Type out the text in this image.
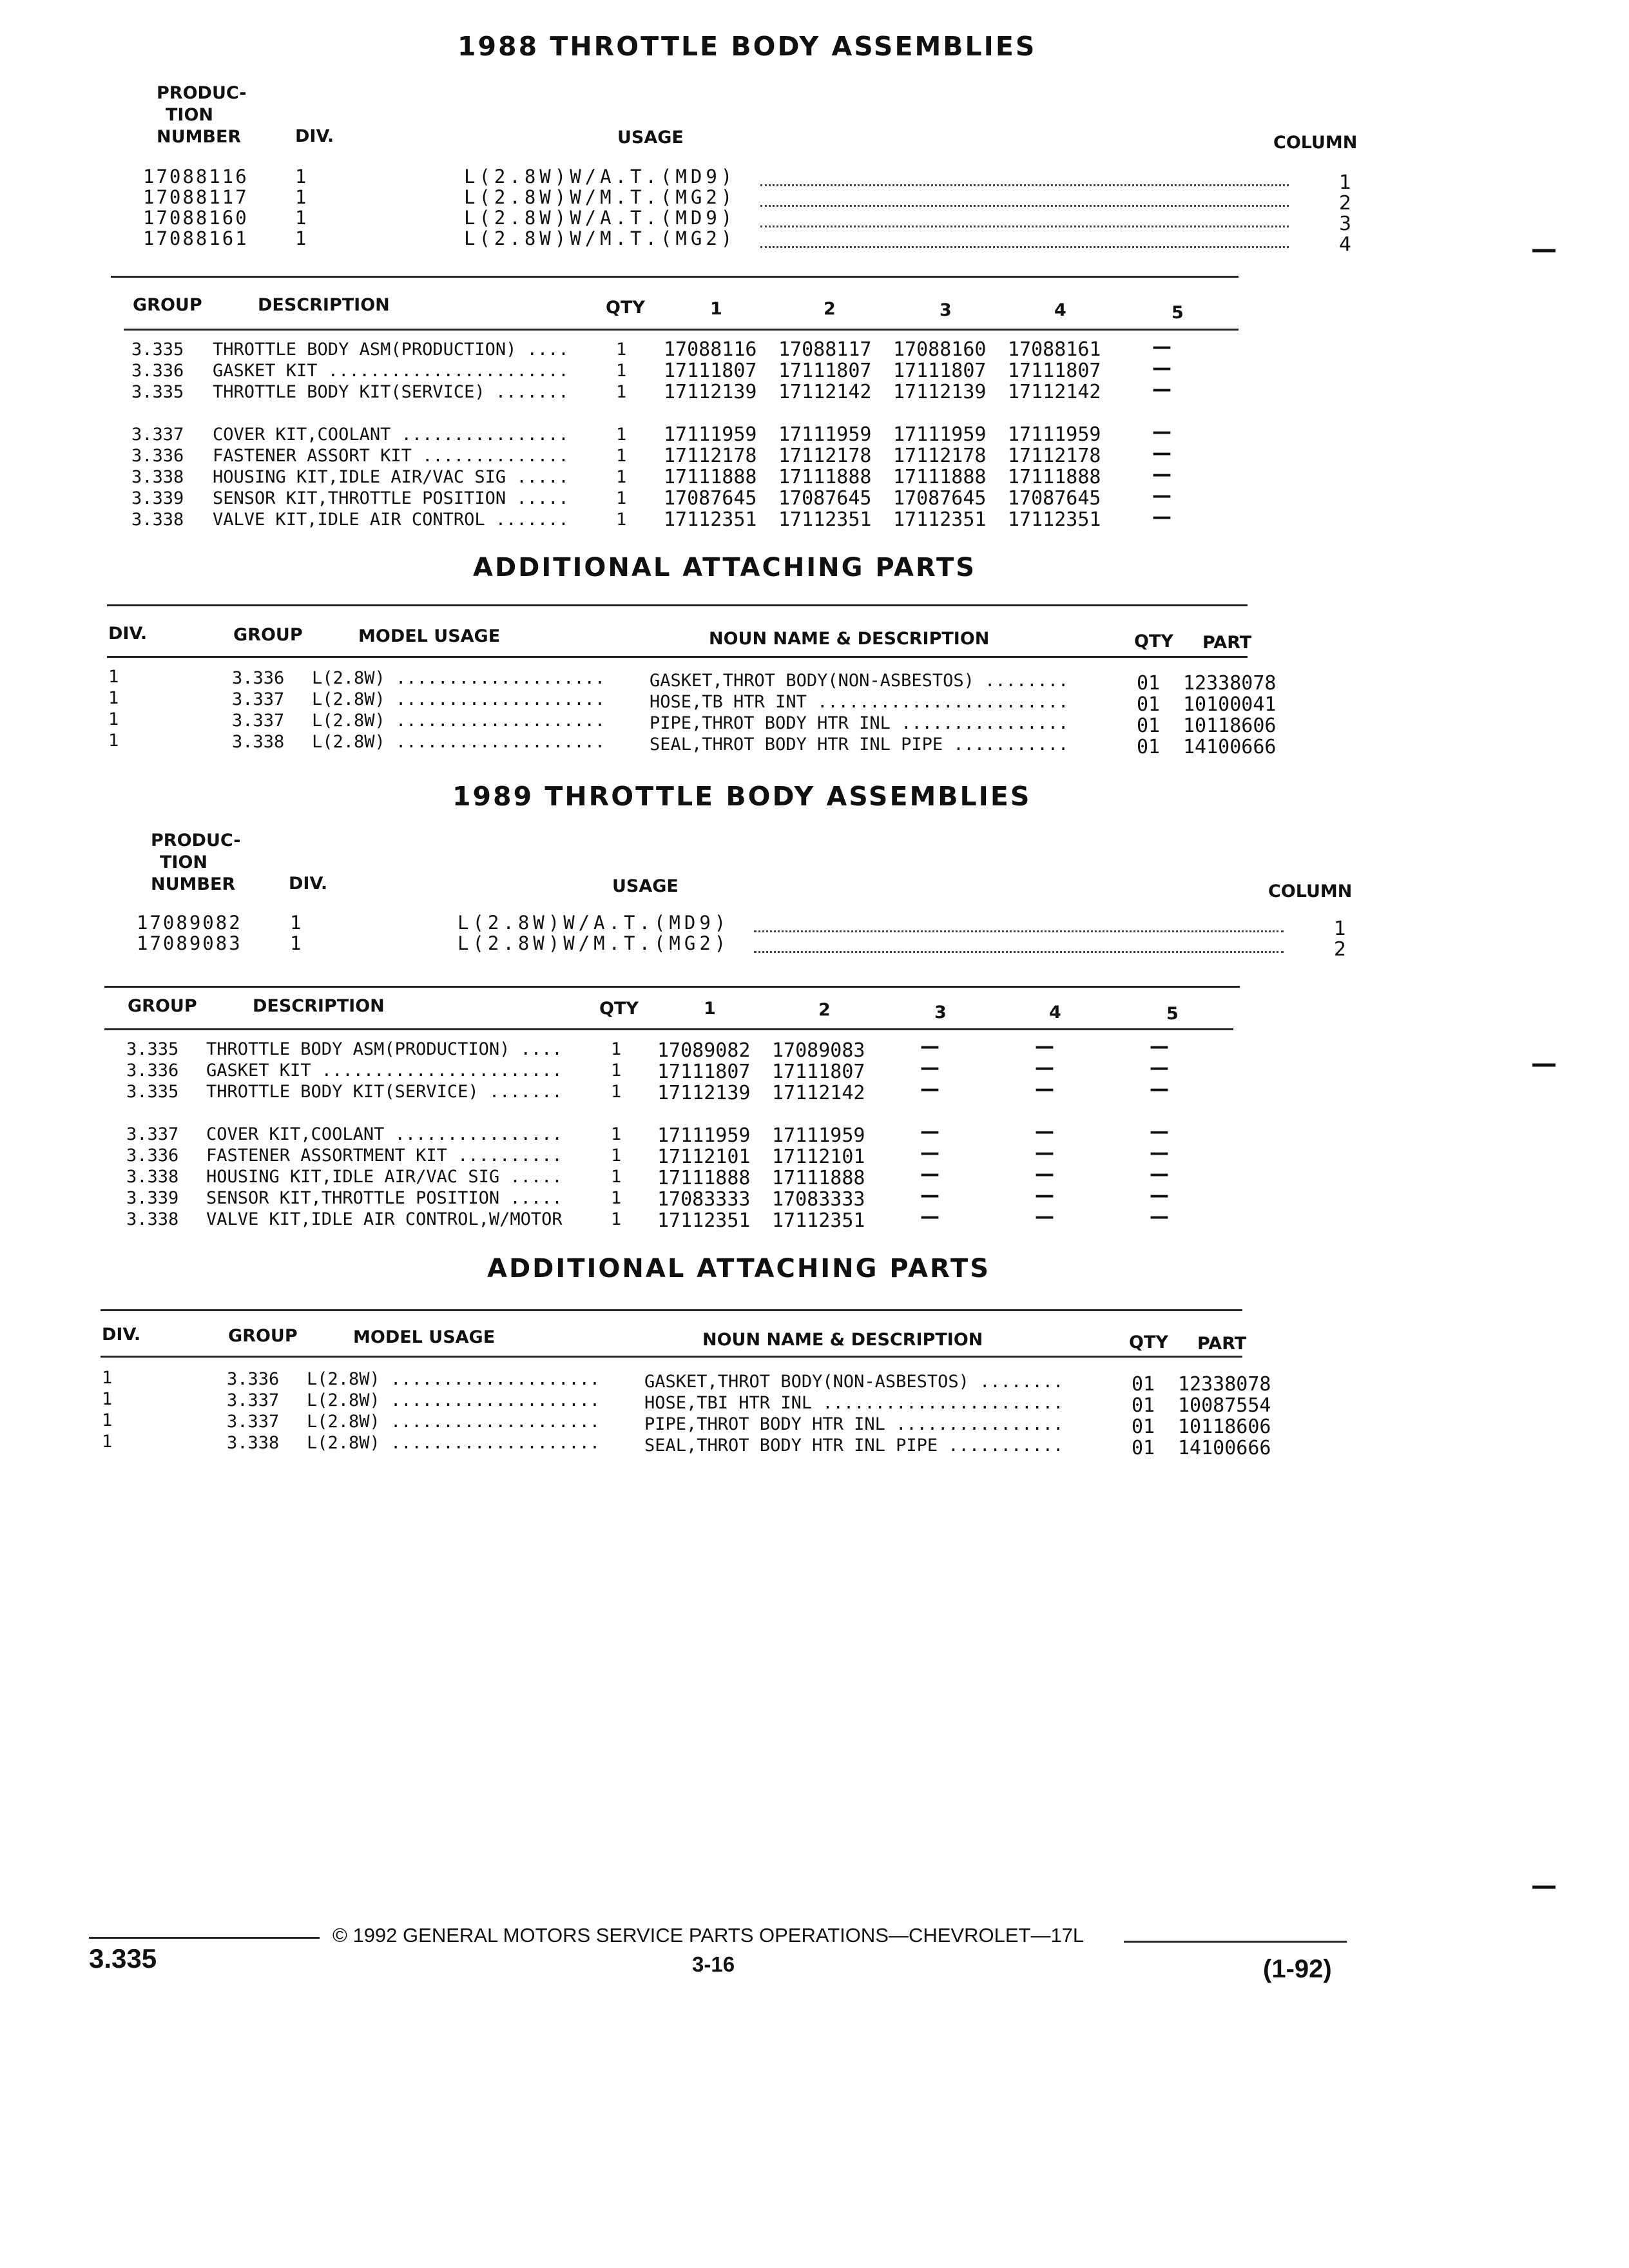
1988 THROTTLE BODY ASSEMBLIES
PRODUC-
TION
NUMBER	DIV.	USAGE	COLUMN
17088116 1	L(2.8W)W/A.T.(MD9)	1
17088117 1	L(2.8W)W/M.T.(MG2)	2
17088160 1	L(2.8W)W/A.T.(MD9)	3
17088161 1	L(2.8W)W/M.T.(MG2)	4	—
GROUP	DESCRIPTION	QTY	1	2	3	4	5
3.335 THROTTLE BODY ASM(PRODUCTION) ....	1 17088116 17088117 17088160 17088161	—
3.336 GASKET KIT .......................	1 17111807 17111807 17111807 17111807	—
3.335 THROTTLE BODY KIT(SERVICE) .......	1 17112139 17112142 17112139 17112142	—
3.337 COVER KIT,COOLANT ................	1 17111959 17111959 17111959 17111959	—
3.336 FASTENER ASSORT KIT ..............	1 17112178 17112178 17112178 17112178	—
3.338 HOUSING KIT,IDLE AIR/VAC SIG .....	1 17111888 17111888 17111888 17111888	—
3.339 SENSOR KIT,THROTTLE POSITION .....	1 17087645 17087645 17087645 17087645	—
3.338 VALVE KIT,IDLE AIR CONTROL .......	1 17112351 17112351 17112351 17112351	—
ADDITIONAL ATTACHING PARTS
DIV.	GROUP	MODEL USAGE	NOUN NAME & DESCRIPTION	QTY PART
1	3.336 L(2.8W) ....................	GASKET,THROT BODY(NON-ASBESTOS) ........	01 12338078
1	3.337 L(2.8W) ....................	HOSE,TB HTR INT ........................	01 10100041
1	3.337 L(2.8W) ....................	PIPE,THROT BODY HTR INL ................	01 10118606
1	3.338 L(2.8W) ....................	SEAL,THROT BODY HTR INL PIPE ...........	01 14100666
1989 THROTTLE BODY ASSEMBLIES
PRODUC-
TION
NUMBER	DIV.	USAGE	COLUMN
17089082	1	L(2.8W)W/A.T.(MD9)	1
17089083	1	L(2.8W)W/M.T.(MG2)	2
GROUP	DESCRIPTION	QTY	1	2	3	4	5
3.335 THROTTLE BODY ASM(PRODUCTION) ....	1 17089082 17089083	—	—	—
3.336 GASKET KIT .......................	1 17111807 17111807	—	—	—
3.335 THROTTLE BODY KIT(SERVICE) .......	1 17112139 17112142	—	—	—
3.337 COVER KIT,COOLANT ................	1 17111959 17111959	—	—	—
3.336 FASTENER ASSORTMENT KIT ..........	1 17112101 17112101	—	—	—
3.338 HOUSING KIT,IDLE AIR/VAC SIG .....	1 17111888 17111888	—	—	—
3.339 SENSOR KIT,THROTTLE POSITION .....	1 17083333 17083333	—	—	—
3.338 VALVE KIT,IDLE AIR CONTROL,W/MOTOR	1 17112351 17112351	—	—	—
—
ADDITIONAL ATTACHING PARTS
DIV.	GROUP	MODEL USAGE	NOUN NAME & DESCRIPTION	QTY PART
1	3.336 L(2.8W) ....................	GASKET,THROT BODY(NON-ASBESTOS) ........	01 12338078
1	3.337 L(2.8W) ....................	HOSE,TBI HTR INL .......................	01 10087554
1	3.337 L(2.8W) ....................	PIPE,THROT BODY HTR INL ................	01 10118606
1	3.338 L(2.8W) ....................	SEAL,THROT BODY HTR INL PIPE ...........	01 14100666
—
© 1992 GENERAL MOTORS SERVICE PARTS OPERATIONS—CHEVROLET—17L
3.335	3-16	(1-92)
